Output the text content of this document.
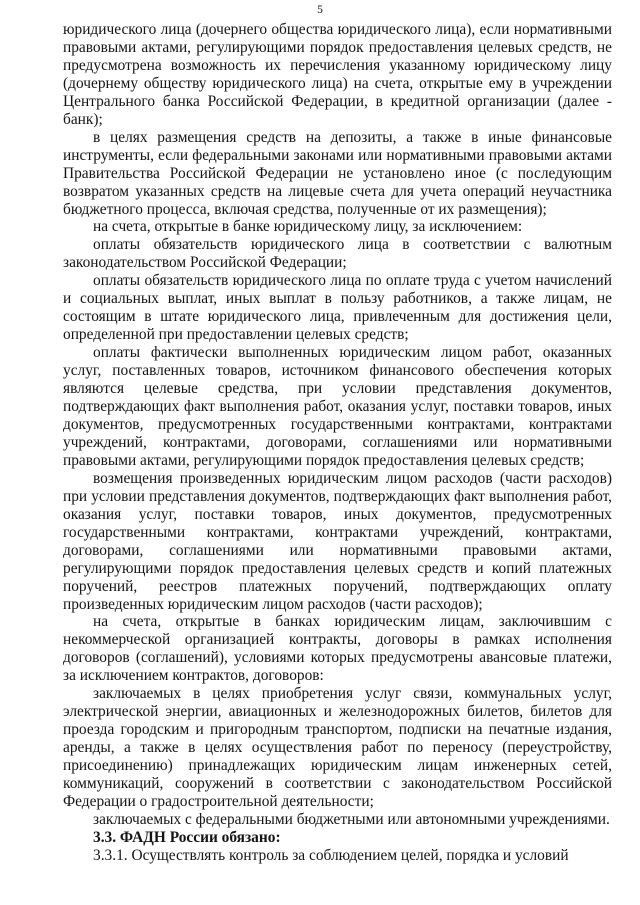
5

юридического лица (дочернего общества юридического лица), если нормативными правовыми актами, регулирующими порядок предоставления целевых средств, не предусмотрена возможность их перечисления указанному юридическому лицу (дочернему обществу юридического лица) на счета, открытые ему в учреждении Центрального банка Российской Федерации, в кредитной организации (далее - банк);

в целях размещения средств на депозиты, а также в иные финансовые инструменты, если федеральными законами или нормативными правовыми актами Правительства Российской Федерации не установлено иное (с последующим возвратом указанных средств на лицевые счета для учета операций неучастника бюджетного процесса, включая средства, полученные от их размещения);

на счета, открытые в банке юридическому лицу, за исключением:

оплаты обязательств юридического лица в соответствии с валютным законодательством Российской Федерации;

оплаты обязательств юридического лица по оплате труда с учетом начислений и социальных выплат, иных выплат в пользу работников, а также лицам, не состоящим в штате юридического лица, привлеченным для достижения цели, определенной при предоставлении целевых средств;

оплаты фактически выполненных юридическим лицом работ, оказанных услуг, поставленных товаров, источником финансового обеспечения которых являются целевые средства, при условии представления документов, подтверждающих факт выполнения работ, оказания услуг, поставки товаров, иных документов, предусмотренных государственными контрактами, контрактами учреждений, контрактами, договорами, соглашениями или нормативными правовыми актами, регулирующими порядок предоставления целевых средств;

возмещения произведенных юридическим лицом расходов (части расходов) при условии представления документов, подтверждающих факт выполнения работ, оказания услуг, поставки товаров, иных документов, предусмотренных государственными контрактами, контрактами учреждений, контрактами, договорами, соглашениями или нормативными правовыми актами, регулирующими порядок предоставления целевых средств и копий платежных поручений, реестров платежных поручений, подтверждающих оплату произведенных юридическим лицом расходов (части расходов);

на счета, открытые в банках юридическим лицам, заключившим с некоммерческой организацией контракты, договоры в рамках исполнения договоров (соглашений), условиями которых предусмотрены авансовые платежи, за исключением контрактов, договоров:

заключаемых в целях приобретения услуг связи, коммунальных услуг, электрической энергии, авиационных и железнодорожных билетов, билетов для проезда городским и пригородным транспортом, подписки на печатные издания, аренды, а также в целях осуществления работ по переносу (переустройству, присоединению) принадлежащих юридическим лицам инженерных сетей, коммуникаций, сооружений в соответствии с законодательством Российской Федерации о градостроительной деятельности;

заключаемых с федеральными бюджетными или автономными учреждениями.

3.3. ФАДН России обязано:

3.3.1. Осуществлять контроль за соблюдением целей, порядка и условий
